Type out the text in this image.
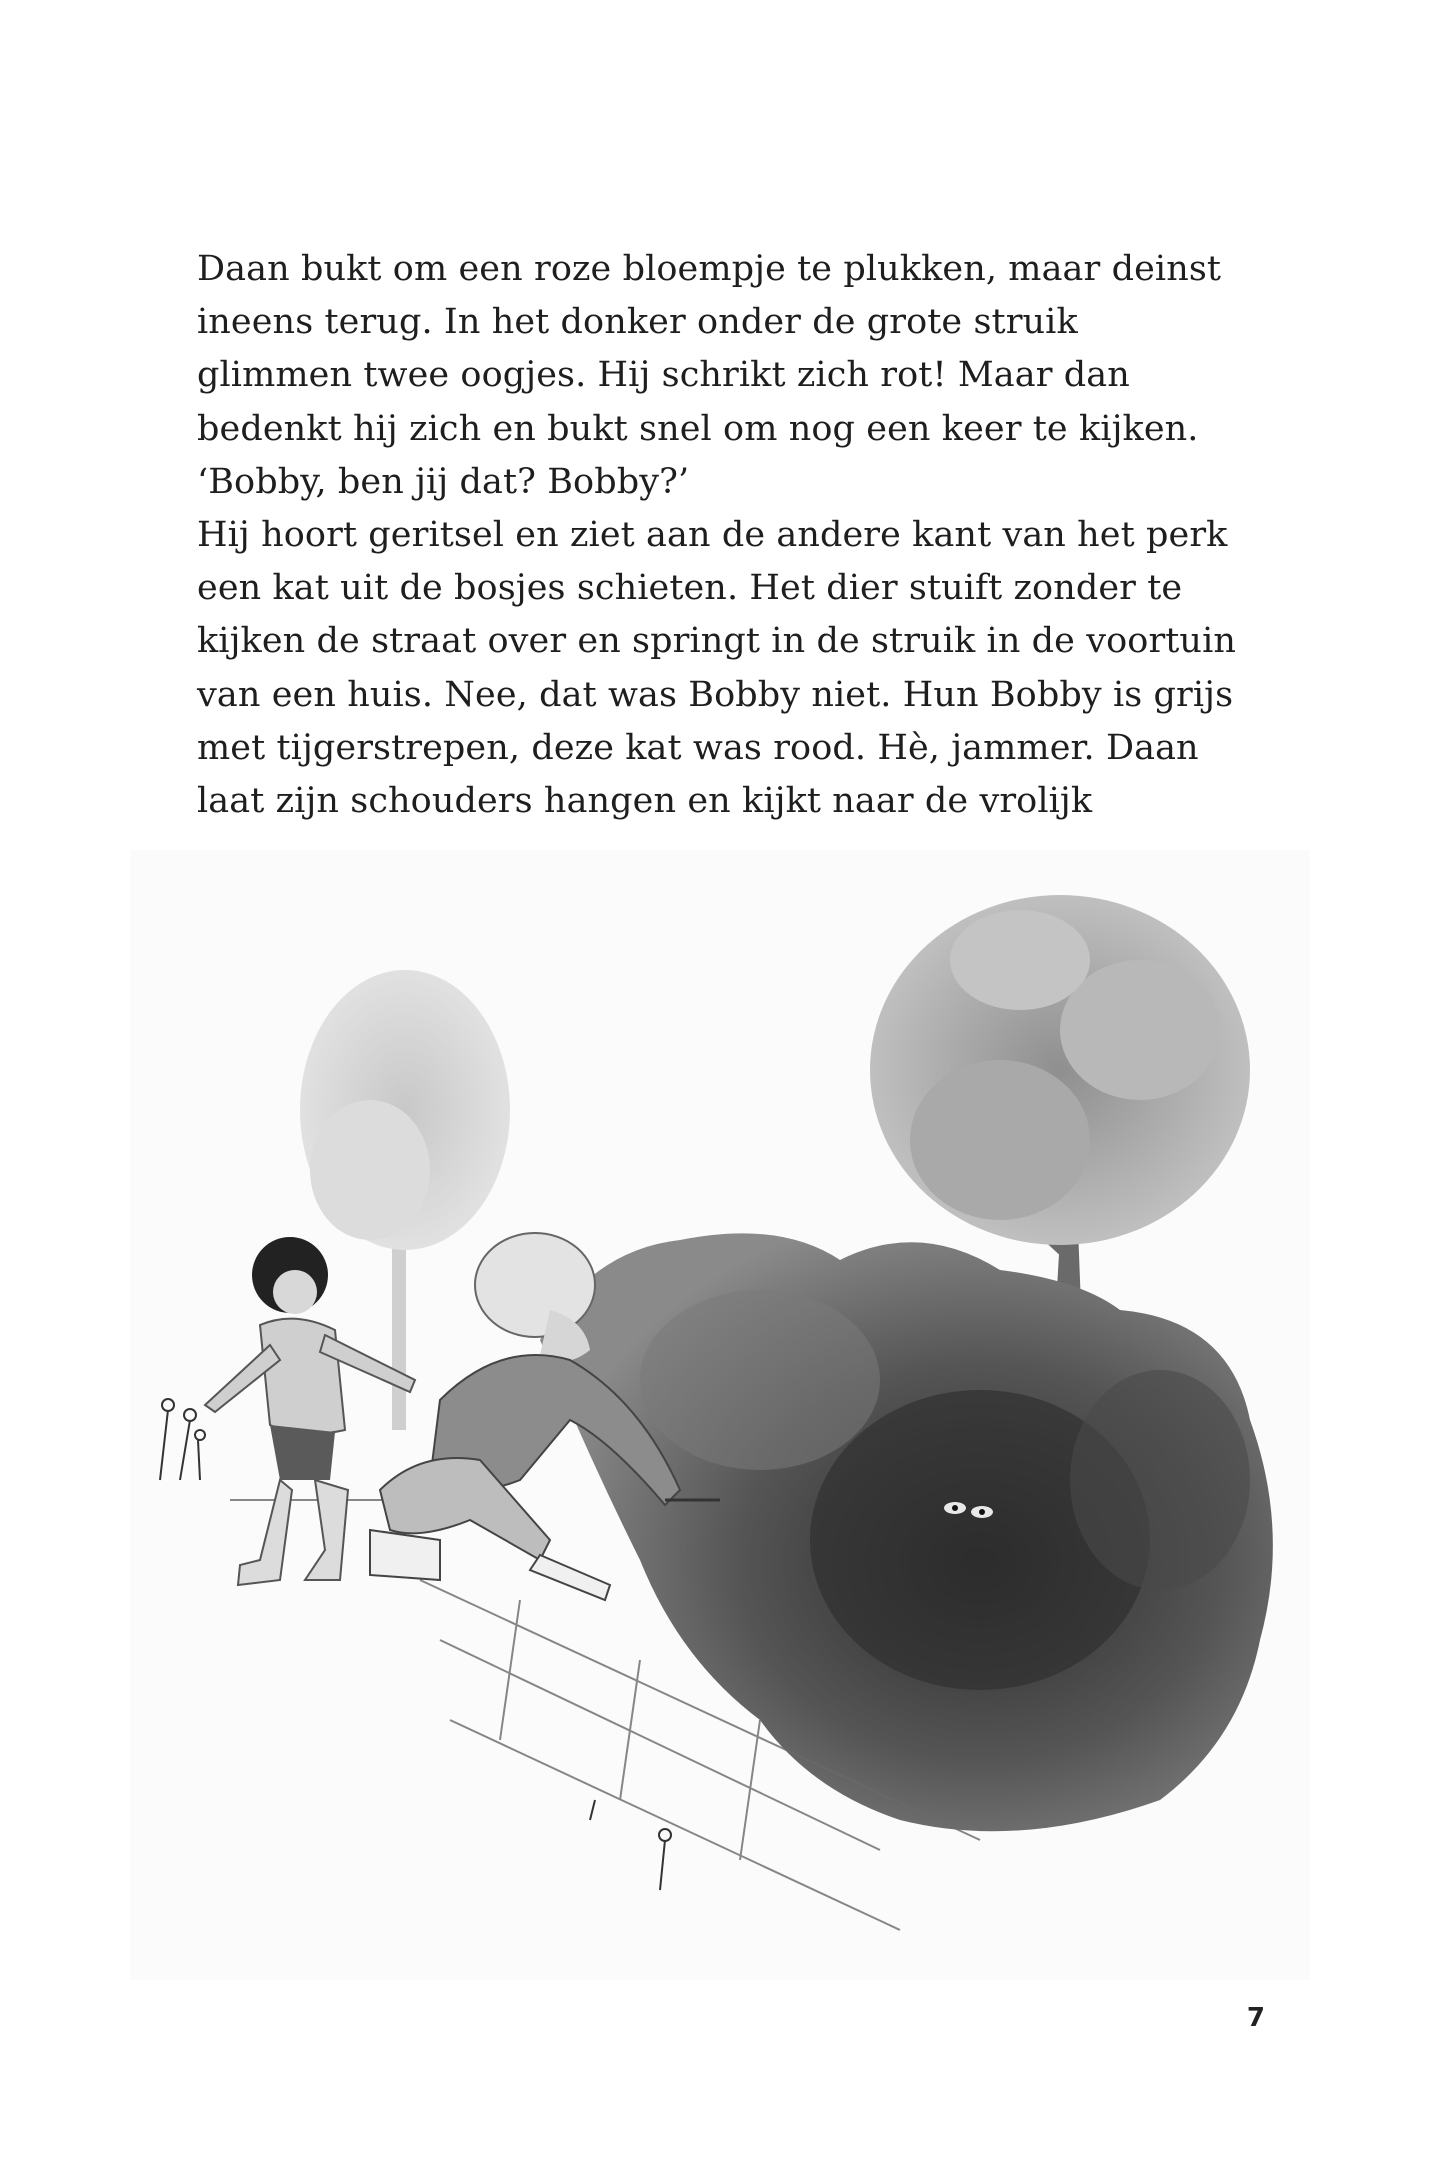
Daan bukt om een roze bloempje te plukken, maar deinst
ineens terug. In het donker onder de grote struik
glimmen twee oogjes. Hij schrikt zich rot! Maar dan
bedenkt hij zich en bukt snel om nog een keer te kijken.
‘Bobby, ben jij dat? Bobby?’
Hij hoort geritsel en ziet aan de andere kant van het perk
een kat uit de bosjes schieten. Het dier stuift zonder te
kijken de straat over en springt in de struik in de voortuin
van een huis. Nee, dat was Bobby niet. Hun Bobby is grijs
met tijgerstrepen, deze kat was rood. Hè, jammer. Daan
laat zijn schouders hangen en kijkt naar de vrolijk
7
